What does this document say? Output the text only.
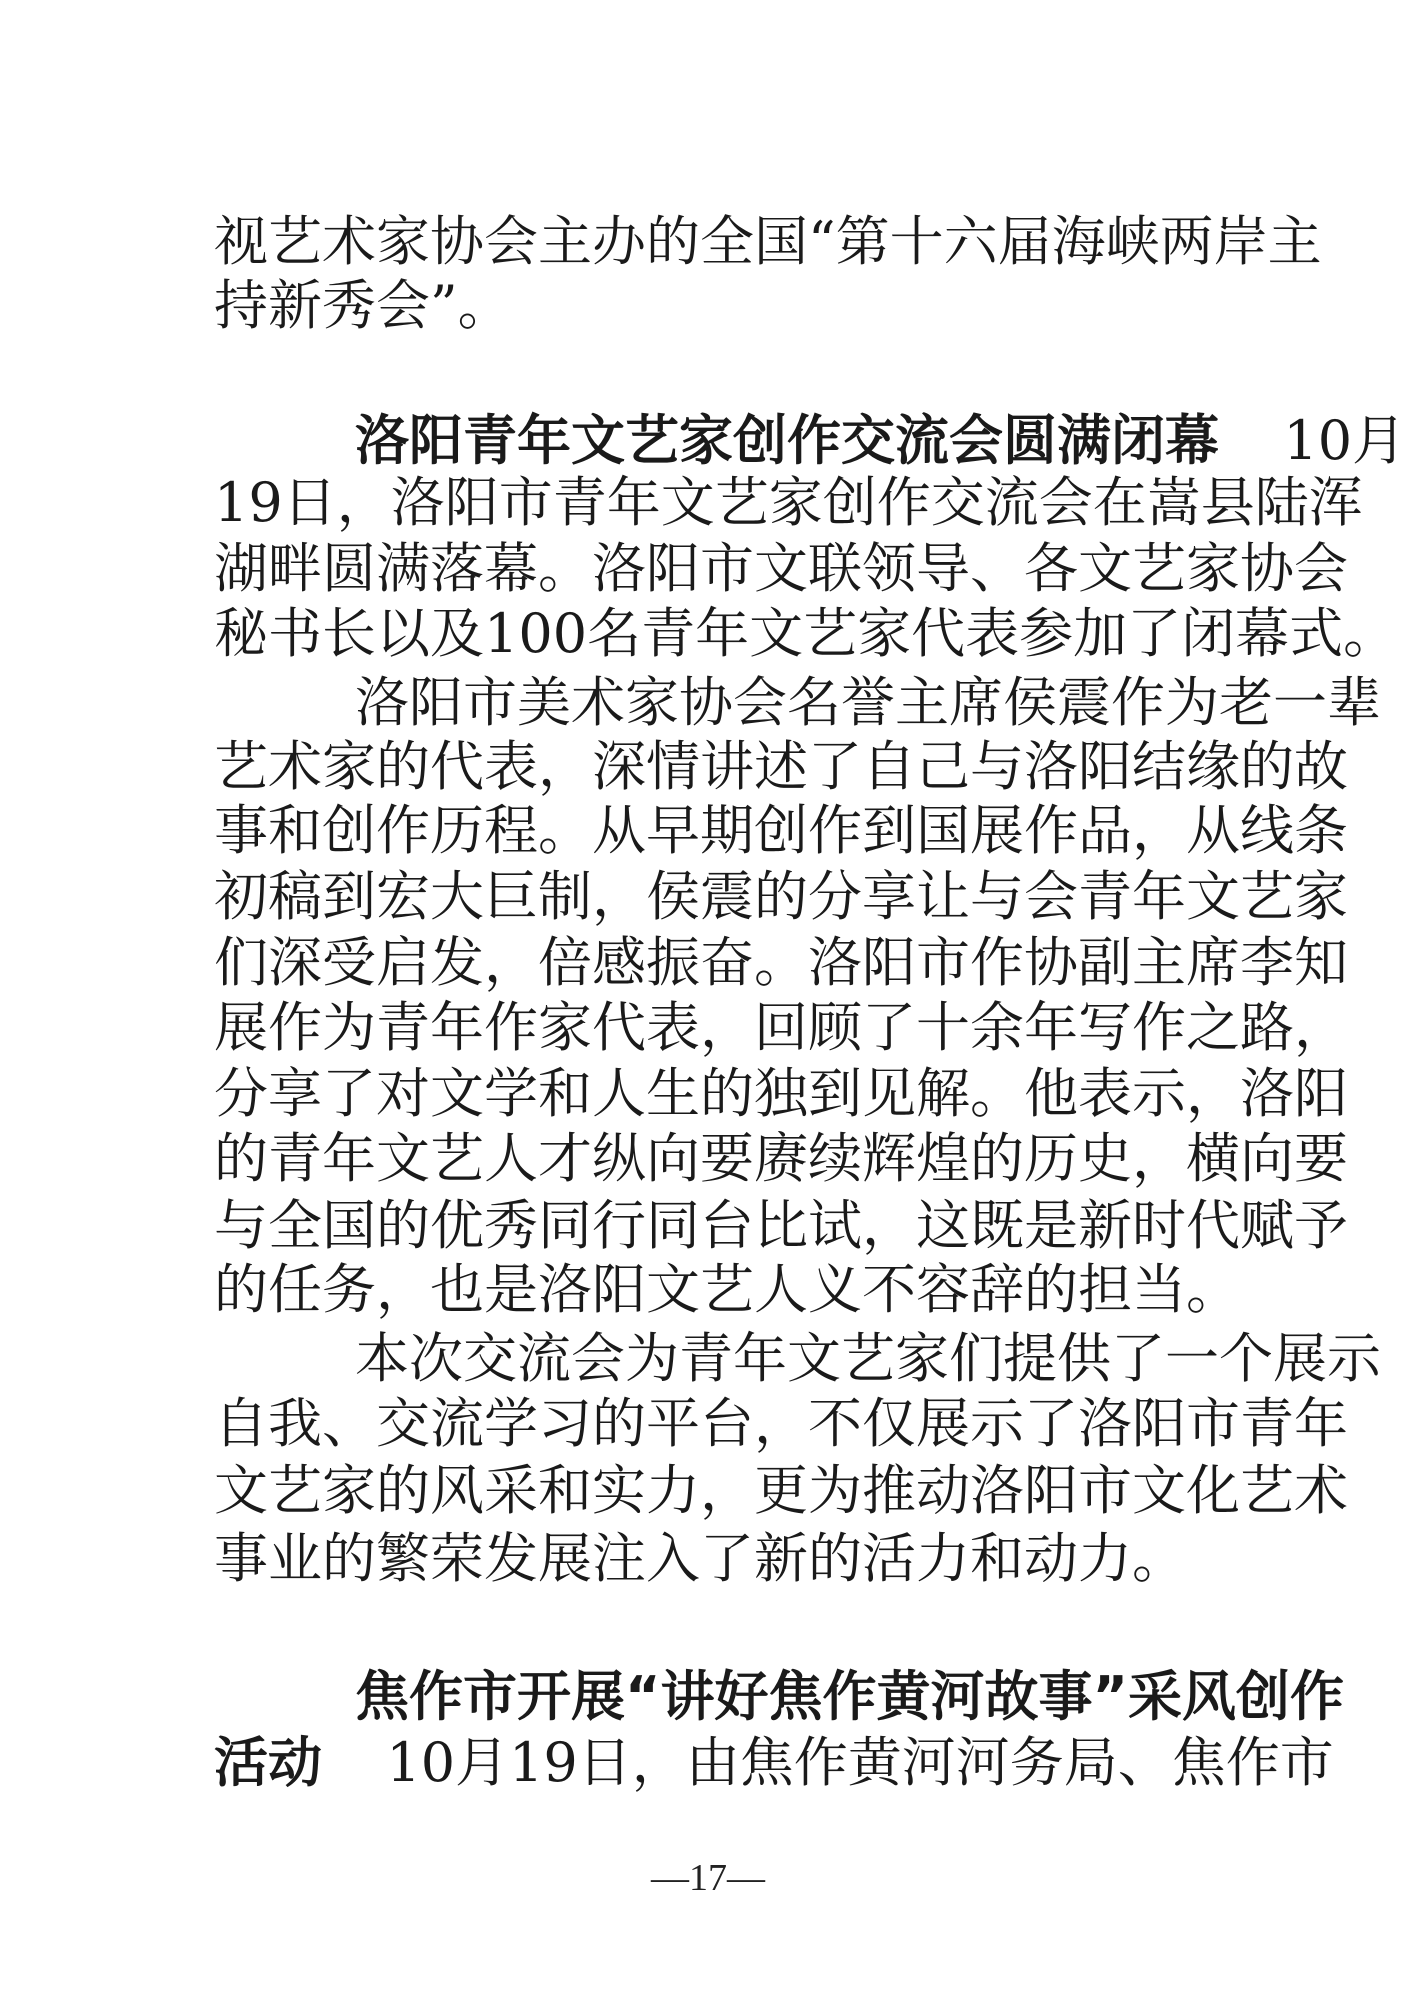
视艺术家协会主办的全国“第十六届海峡两岸主
持新秀会”。
洛阳青年文艺家创作交流会圆满闭幕 10月
19日，洛阳市青年文艺家创作交流会在嵩县陆浑
湖畔圆满落幕。洛阳市文联领导、各文艺家协会
秘书长以及100名青年文艺家代表参加了闭幕式。
洛阳市美术家协会名誉主席侯震作为老一辈
艺术家的代表，深情讲述了自己与洛阳结缘的故
事和创作历程。从早期创作到国展作品，从线条
初稿到宏大巨制，侯震的分享让与会青年文艺家
们深受启发，倍感振奋。洛阳市作协副主席李知
展作为青年作家代表，回顾了十余年写作之路，
分享了对文学和人生的独到见解。他表示，洛阳
的青年文艺人才纵向要赓续辉煌的历史，横向要
与全国的优秀同行同台比试，这既是新时代赋予
的任务，也是洛阳文艺人义不容辞的担当。
本次交流会为青年文艺家们提供了一个展示
自我、交流学习的平台，不仅展示了洛阳市青年
文艺家的风采和实力，更为推动洛阳市文化艺术
事业的繁荣发展注入了新的活力和动力。
焦作市开展“讲好焦作黄河故事”采风创作
活动 10月19日，由焦作黄河河务局、焦作市
—17—
